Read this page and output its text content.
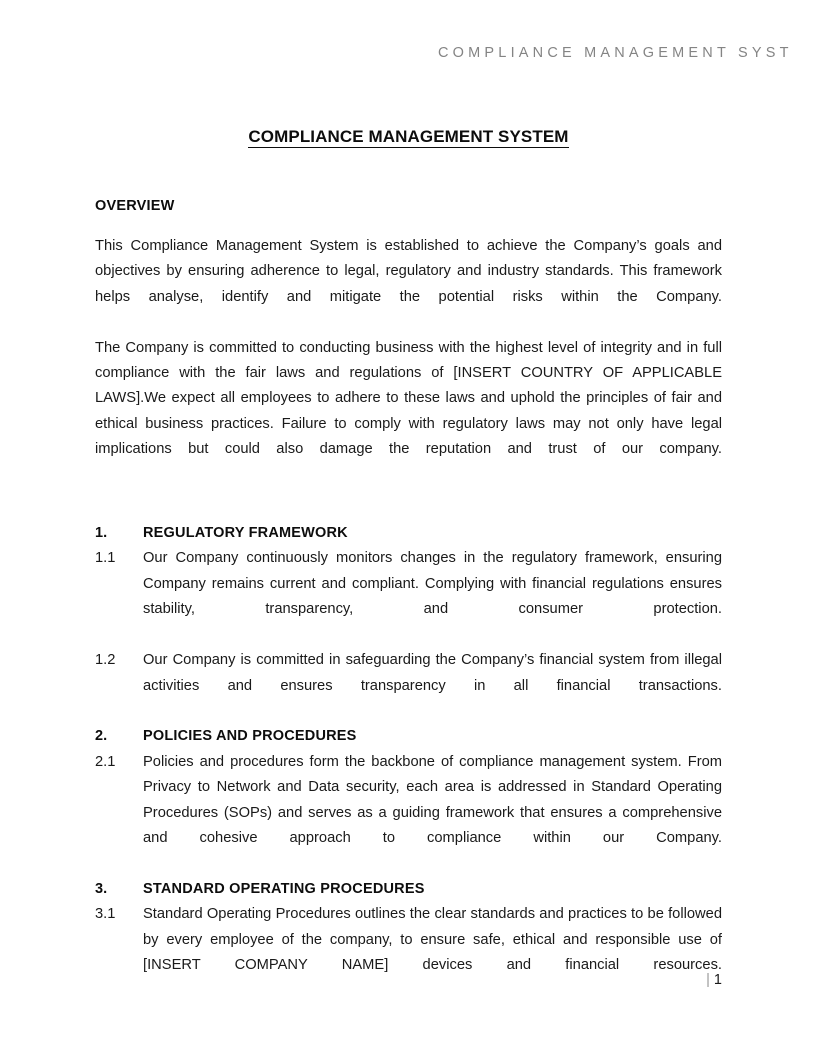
COMPLIANCE MANAGEMENT SYST
COMPLIANCE MANAGEMENT SYSTEM
OVERVIEW

This Compliance Management System is established to achieve the Company’s goals and objectives by ensuring adherence to legal, regulatory and industry standards. This framework helps analyse, identify and mitigate the potential risks within the Company.

The Company is committed to conducting business with the highest level of integrity and in full compliance with the fair laws and regulations of [INSERT COUNTRY OF APPLICABLE LAWS].We expect all employees to adhere to these laws and uphold the principles of fair and ethical business practices. Failure to comply with regulatory laws may not only have legal implications but could also damage the reputation and trust of our company.

1.	REGULATORY FRAMEWORK
1.1	Our Company continuously monitors changes in the regulatory framework, ensuring Company remains current and compliant. Complying with financial regulations ensures stability, transparency, and consumer protection.
1.2	Our Company is committed in safeguarding the Company’s financial system from illegal activities and ensures transparency in all financial transactions.
2.	POLICIES AND PROCEDURES
2.1	Policies and procedures form the backbone of compliance management system. From Privacy to Network and Data security, each area is addressed in Standard Operating Procedures (SOPs) and serves as a guiding framework that ensures a comprehensive and cohesive approach to compliance within our Company.
3.	STANDARD OPERATING PROCEDURES
3.1	Standard Operating Procedures outlines the clear standards and practices to be followed by every employee of the company, to ensure safe, ethical and responsible use of [INSERT COMPANY NAME] devices and financial resources.
| 1
